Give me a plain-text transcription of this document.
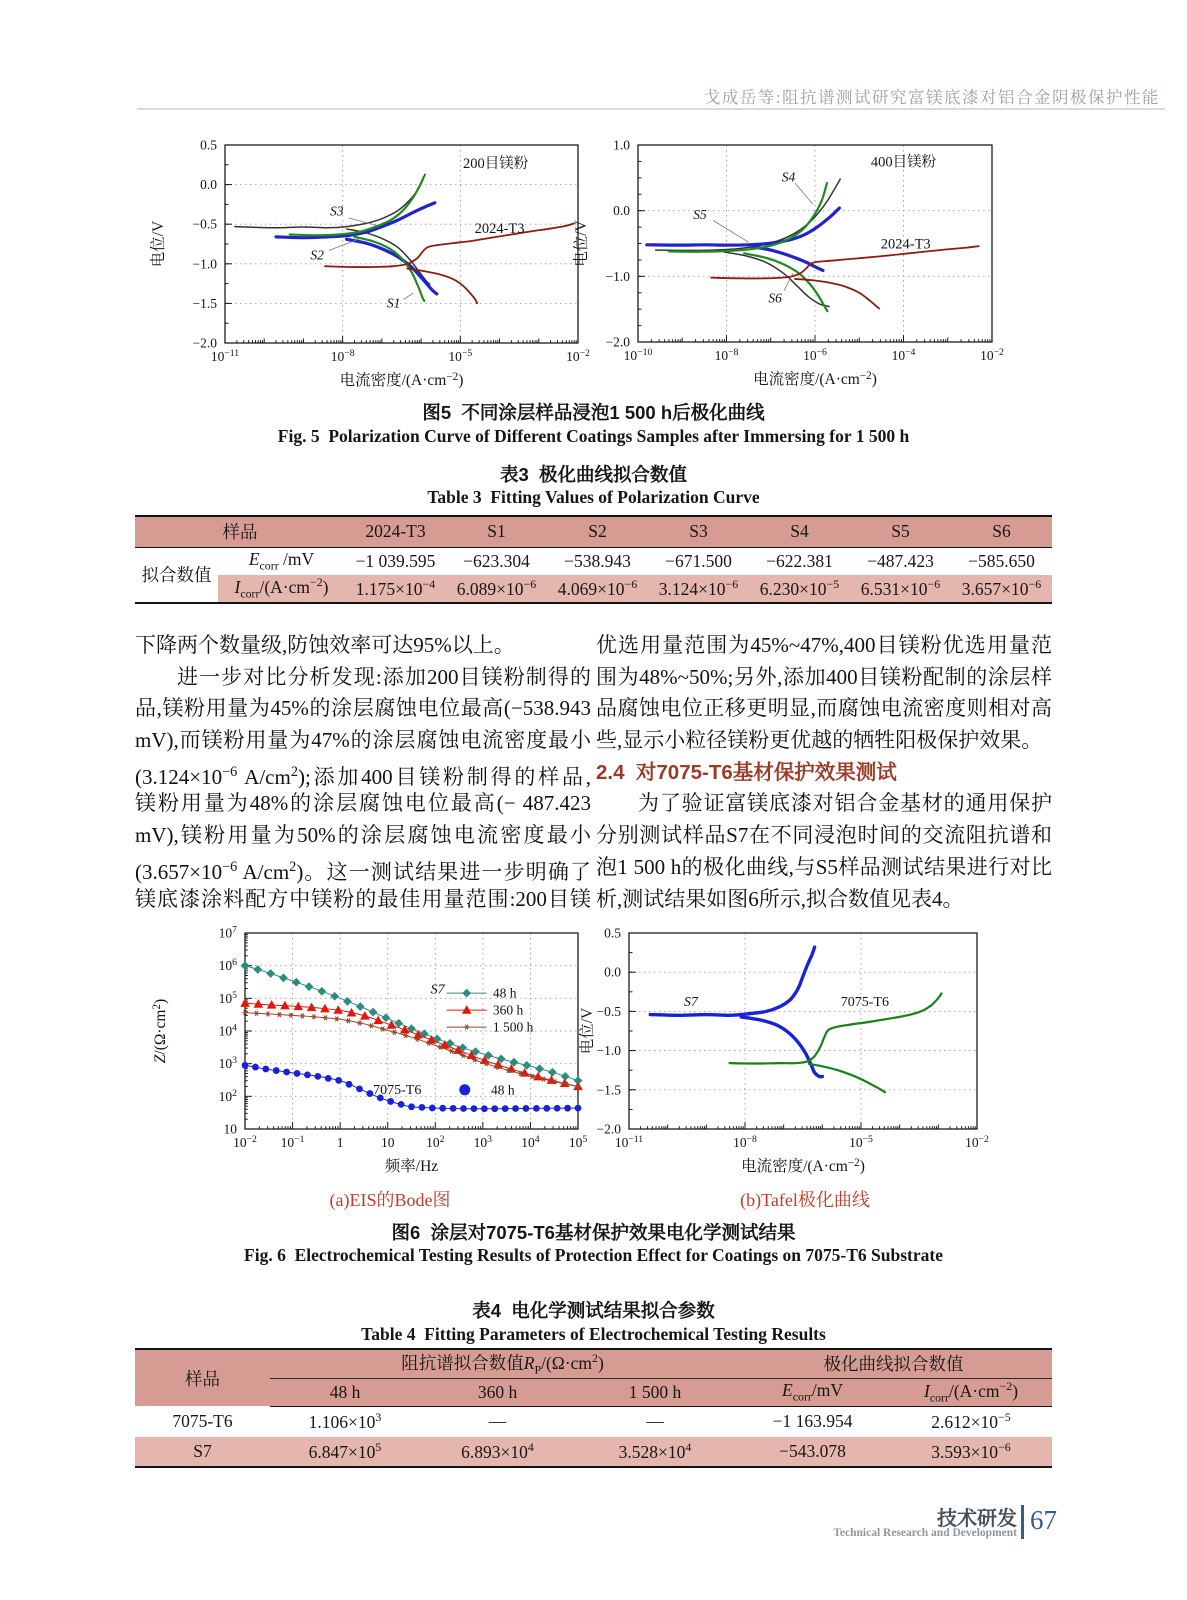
戈成岳等:阻抗谱测试研究富镁底漆对铝合金阴极保护性能
$10^{-11}$	$10^{-8}$	$10^{-5}$	$10^{-2}$
0.5
0.0
−0.5
−1.0
−1.5
−2.0
电流密度$/(A\cdot cm^{-2})$
电位/V
200目镁粉
S3
S2
S1
2024-T3
$10^{-10}$	$10^{-8}$	$10^{-6}$	$10^{-4}$	$10^{-2}$
1.0
0.0
−1.0
−2.0
电流密度$/(A\cdot cm^{-2})$
电位/V
400目镁粉
S4
S5
S6
2024-T3
图5  不同涂层样品浸泡1 500 h后极化曲线
Fig. 5  Polarization Curve of Different Coatings Samples after Immersing for 1 500 h
表3  极化曲线拟合数值
Table 3  Fitting Values of Polarization Curve
样品		2024-T3	S1	S2	S3	S4	S5	S6
拟合数值	$E_{corr}$ /mV	−1 039.595	−623.304	−538.943	−671.500	−622.381	−487.423	−585.650
	$I_{corr}/(A\cdot cm^{-2})$	$1.175\times 10^{-4}$	$6.089\times 10^{-6}$	$4.069\times 10^{-6}$	$3.124\times 10^{-6}$	$6.230\times 10^{-5}$	$6.531\times 10^{-6}$	$3.657\times 10^{-6}$
下降两个数量级,防蚀效率可达95%以上。
进一步对比分析发现:添加200目镁粉制得的
品,镁粉用量为45%的涂层腐蚀电位最高(−538.943
mV),而镁粉用量为47%的涂层腐蚀电流密度最小
($3.124\times 10^{-6}$ $A/cm^2$);添加400目镁粉制得的样品,
镁粉用量为48%的涂层腐蚀电位最高(− 487.423
mV),镁粉用量为50%的涂层腐蚀电流密度最小
($3.657\times 10^{-6}$ $A/cm^2$)。这一测试结果进一步明确了
镁底漆涂料配方中镁粉的最佳用量范围:200目镁
优选用量范围为45%~47%,400目镁粉优选用量范
围为48%~50%;另外,添加400目镁粉配制的涂层样
品腐蚀电位正移更明显,而腐蚀电流密度则相对高
些,显示小粒径镁粉更优越的牺牲阳极保护效果。
2.4  对7075-T6基材保护效果测试
为了验证富镁底漆对铝合金基材的通用保护
分别测试样品S7在不同浸泡时间的交流阻抗谱和
泡1 500 h的极化曲线,与S5样品测试结果进行对比
析,测试结果如图6所示,拟合数值见表4。
$10^{-2}$ $10^{-1}$ 1	10 $10^2$ $10^3$ $10^4$ $10^5$
10
$10^2$
$10^3$
$10^4$
$10^5$
$10^6$
$10^7$
频率/Hz
$Z/(\Omega\cdot cm^2)$
S7
7075-T6
48 h
360 h
1 500 h
48 h
$10^{-11}$	$10^{-8}$	$10^{-5}$	$10^{-2}$
0.5
0.0
−0.5
−1.0
−1.5
−2.0
电流密度$/(A\cdot cm^{-2})$
电位/V
S7	7075-T6
(a)EIS的Bode图	(b)Tafel极化曲线
图6  涂层对7075-T6基材保护效果电化学测试结果
Fig. 6  Electrochemical Testing Results of Protection Effect for Coatings on 7075-T6 Substrate
表4  电化学测试结果拟合参数
Table 4  Fitting Parameters of Electrochemical Testing Results
样品	阻抗谱拟合数值$R_P/(\Omega\cdot cm^2)$			极化曲线拟合数值	
	48 h	360 h	1 500 h	$E_{corr}/mV$	$I_{corr}/(A\cdot cm^{-2})$
7075-T6	$1.106\times 10^3$	—	—	−1 163.954	$2.612\times 10^{-5}$
S7	$6.847\times 10^5$	$6.893\times 10^4$	$3.528\times 10^4$	−543.078	$3.593\times 10^{-6}$
技术研发
Technical Research and Development 67
